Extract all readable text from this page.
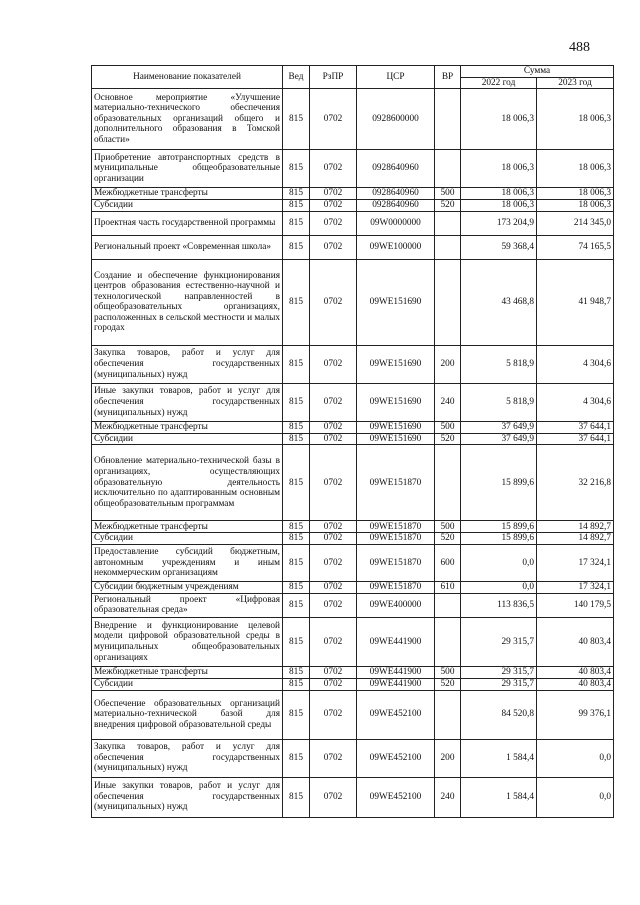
488
Наименование показателей	Вед	РзПР	ЦСР	ВР	Сумма	
					2022 год	2023 год
Основное мероприятие «Улучшение материально-технического обеспечения образовательных организаций общего и дополнительного образования в Томской области»	815	0702	0928600000		18 006,3	18 006,3
Приобретение автотранспортных средств в муниципальные общеобразовательные организации	815	0702	0928640960		18 006,3	18 006,3
Межбюджетные трансферты	815	0702	0928640960	500	18 006,3	18 006,3
Субсидии	815	0702	0928640960	520	18 006,3	18 006,3
Проектная часть государственной программы	815	0702	09W0000000		173 204,9	214 345,0
Региональный проект «Современная школа»	815	0702	09WE100000		59 368,4	74 165,5
Создание и обеспечение функционирования центров образования естественно-научной и технологической направленностей в общеобразовательных организациях, расположенных в сельской местности и малых городах	815	0702	09WE151690		43 468,8	41 948,7
Закупка товаров, работ и услуг для обеспечения государственных (муниципальных) нужд	815	0702	09WE151690	200	5 818,9	4 304,6
Иные закупки товаров, работ и услуг для обеспечения государственных (муниципальных) нужд	815	0702	09WE151690	240	5 818,9	4 304,6
Межбюджетные трансферты	815	0702	09WE151690	500	37 649,9	37 644,1
Субсидии	815	0702	09WE151690	520	37 649,9	37 644,1
Обновление материально-технической базы в организациях, осуществляющих образовательную деятельность исключительно по адаптированным основным общеобразовательным программам	815	0702	09WE151870		15 899,6	32 216,8
Межбюджетные трансферты	815	0702	09WE151870	500	15 899,6	14 892,7
Субсидии	815	0702	09WE151870	520	15 899,6	14 892,7
Предоставление субсидий бюджетным, автономным учреждениям и иным некоммерческим организациям	815	0702	09WE151870	600	0,0	17 324,1
Субсидии бюджетным учреждениям	815	0702	09WE151870	610	0,0	17 324,1
Региональный проект «Цифровая образовательная среда»	815	0702	09WE400000		113 836,5	140 179,5
Внедрение и функционирование целевой модели цифровой образовательной среды в муниципальных общеобразовательных организациях	815	0702	09WE441900		29 315,7	40 803,4
Межбюджетные трансферты	815	0702	09WE441900	500	29 315,7	40 803,4
Субсидии	815	0702	09WE441900	520	29 315,7	40 803,4
Обеспечение образовательных организаций материально-технической базой для внедрения цифровой образовательной среды	815	0702	09WE452100		84 520,8	99 376,1
Закупка товаров, работ и услуг для обеспечения государственных (муниципальных) нужд	815	0702	09WE452100	200	1 584,4	0,0
Иные закупки товаров, работ и услуг для обеспечения государственных (муниципальных) нужд	815	0702	09WE452100	240	1 584,4	0,0
